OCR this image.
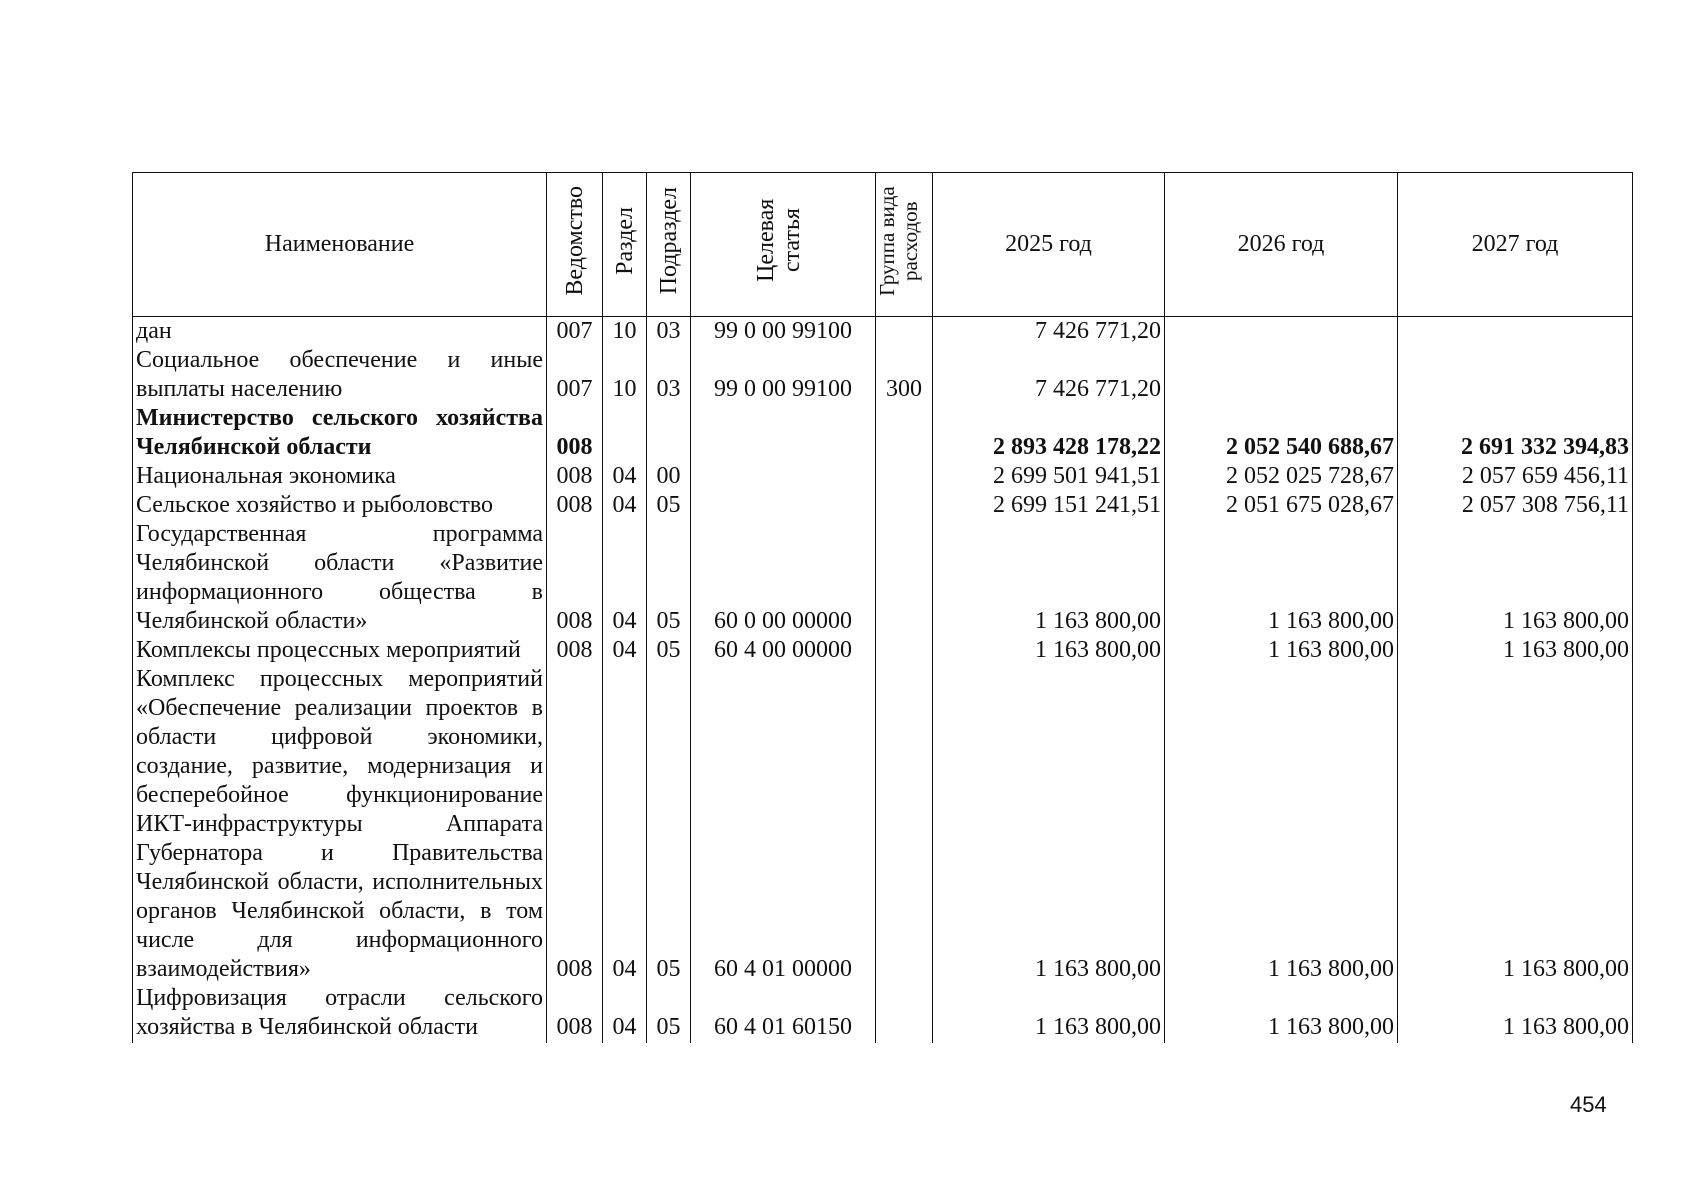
Наименование	Ведомство	Раздел	Подраздел	Целевая статья	Группа вида расходов	2025 год	2026 год	2027 год
дан	007	10	03	99 0 00 99100		7 426 771,20		
Социальное обеспечение и иные выплаты населению	007	10	03	99 0 00 99100	300	7 426 771,20		
Министерство сельского хозяйства Челябинской области	008					2 893 428 178,22	2 052 540 688,67	2 691 332 394,83
Национальная экономика	008	04	00			2 699 501 941,51	2 052 025 728,67	2 057 659 456,11
Сельское хозяйство и рыболовство	008	04	05			2 699 151 241,51	2 051 675 028,67	2 057 308 756,11
Государственная программа Челябинской области «Развитие информационного общества в Челябинской области»	008	04	05	60 0 00 00000		1 163 800,00	1 163 800,00	1 163 800,00
Комплексы процессных мероприятий	008	04	05	60 4 00 00000		1 163 800,00	1 163 800,00	1 163 800,00
Комплекс процессных мероприятий «Обеспечение реализации проектов в области цифровой экономики, создание, развитие, модернизация и бесперебойное функционирование ИКТ-инфраструктуры Аппарата Губернатора и Правительства Челябинской области, исполнительных органов Челябинской области, в том числе для информационного взаимодействия»	008	04	05	60 4 01 00000		1 163 800,00	1 163 800,00	1 163 800,00
Цифровизация отрасли сельского хозяйства в Челябинской области	008	04	05	60 4 01 60150		1 163 800,00	1 163 800,00	1 163 800,00
454
